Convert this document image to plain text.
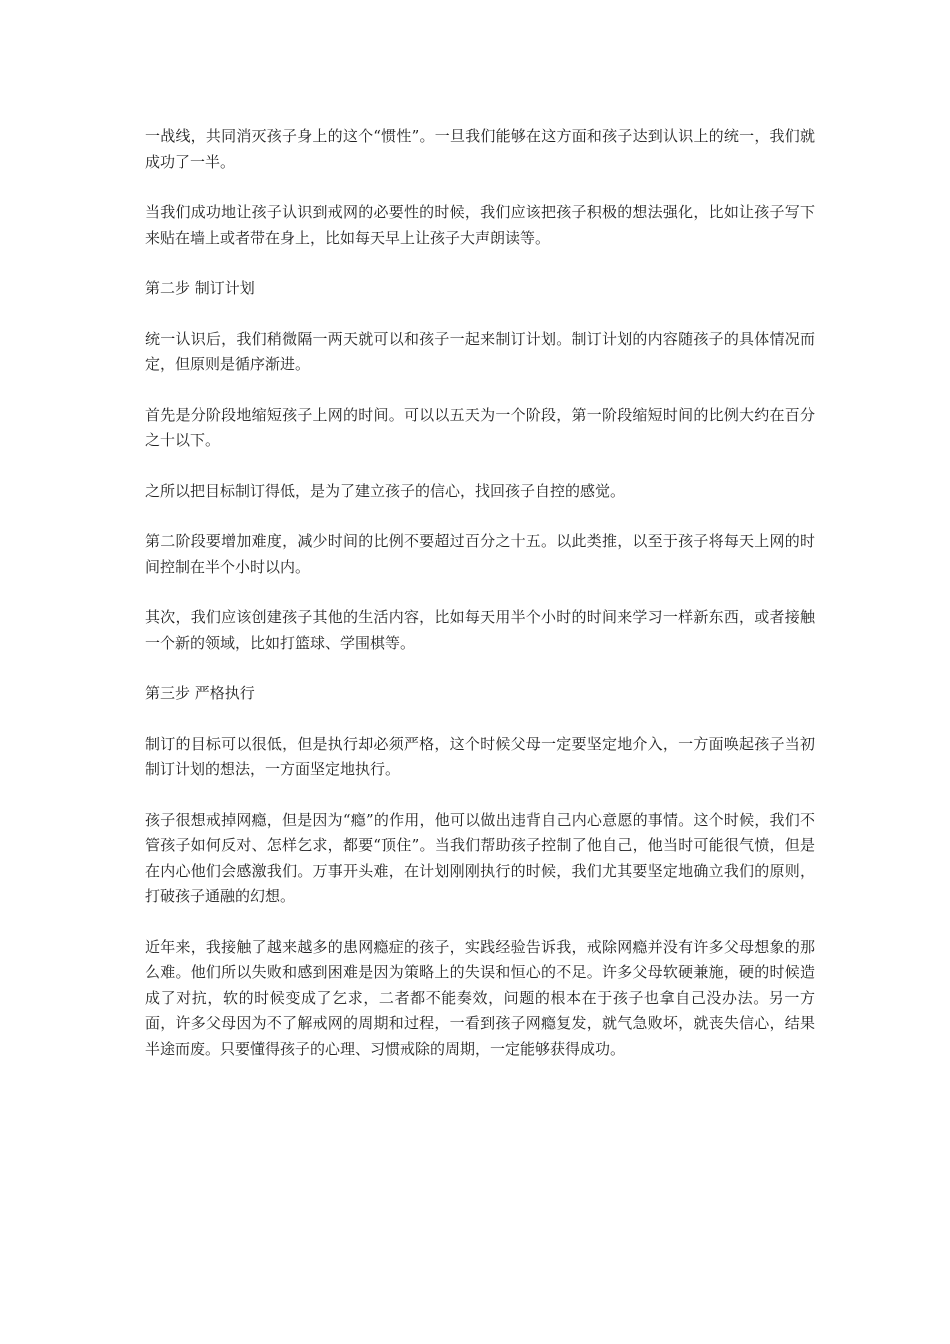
一战线，共同消灭孩子身上的这个“惯性”。一旦我们能够在这方面和孩子达到认识上的统一，我们就成功了一半。

当我们成功地让孩子认识到戒网的必要性的时候，我们应该把孩子积极的想法强化，比如让孩子写下来贴在墙上或者带在身上，比如每天早上让孩子大声朗读等。

第二步 制订计划

统一认识后，我们稍微隔一两天就可以和孩子一起来制订计划。制订计划的内容随孩子的具体情况而定，但原则是循序渐进。

首先是分阶段地缩短孩子上网的时间。可以以五天为一个阶段，第一阶段缩短时间的比例大约在百分之十以下。

之所以把目标制订得低，是为了建立孩子的信心，找回孩子自控的感觉。

第二阶段要增加难度，减少时间的比例不要超过百分之十五。以此类推，以至于孩子将每天上网的时间控制在半个小时以内。

其次，我们应该创建孩子其他的生活内容，比如每天用半个小时的时间来学习一样新东西，或者接触一个新的领域，比如打篮球、学围棋等。

第三步 严格执行

制订的目标可以很低，但是执行却必须严格，这个时候父母一定要坚定地介入，一方面唤起孩子当初制订计划的想法，一方面坚定地执行。

孩子很想戒掉网瘾，但是因为“瘾”的作用，他可以做出违背自己内心意愿的事情。这个时候，我们不管孩子如何反对、怎样乞求，都要“顶住”。当我们帮助孩子控制了他自己，他当时可能很气愤，但是在内心他们会感激我们。万事开头难，在计划刚刚执行的时候，我们尤其要坚定地确立我们的原则，打破孩子通融的幻想。

近年来，我接触了越来越多的患网瘾症的孩子，实践经验告诉我，戒除网瘾并没有许多父母想象的那么难。他们所以失败和感到困难是因为策略上的失误和恒心的不足。许多父母软硬兼施，硬的时候造成了对抗，软的时候变成了乞求，二者都不能奏效，问题的根本在于孩子也拿自己没办法。另一方面，许多父母因为不了解戒网的周期和过程，一看到孩子网瘾复发，就气急败坏，就丧失信心，结果半途而废。只要懂得孩子的心理、习惯戒除的周期，一定能够获得成功。
